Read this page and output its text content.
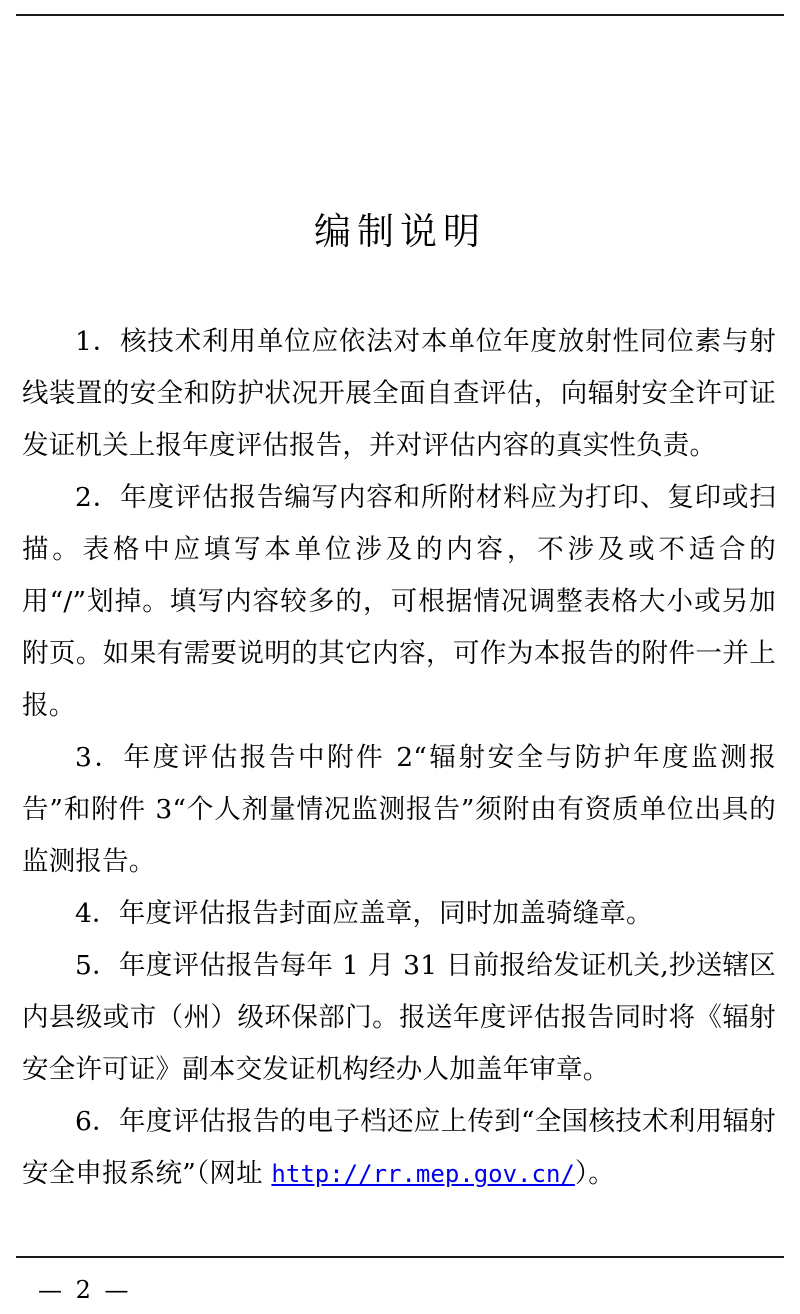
编制说明

1．核技术利用单位应依法对本单位年度放射性同位素与射线装置的安全和防护状况开展全面自查评估，向辐射安全许可证发证机关上报年度评估报告，并对评估内容的真实性负责。

2．年度评估报告编写内容和所附材料应为打印、复印或扫描。表格中应填写本单位涉及的内容，不涉及或不适合的用“/”划掉。填写内容较多的，可根据情况调整表格大小或另加附页。如果有需要说明的其它内容，可作为本报告的附件一并上报。

3．年度评估报告中附件 2“辐射安全与防护年度监测报告”和附件 3“个人剂量情况监测报告”须附由有资质单位出具的监测报告。

4．年度评估报告封面应盖章，同时加盖骑缝章。

5．年度评估报告每年 1 月 31 日前报给发证机关,抄送辖区内县级或市（州）级环保部门。报送年度评估报告同时将《辐射安全许可证》副本交发证机构经办人加盖年审章。

6．年度评估报告的电子档还应上传到“全国核技术利用辐射安全申报系统”（网址 http://rr.mep.gov.cn/）。

— 2 —
